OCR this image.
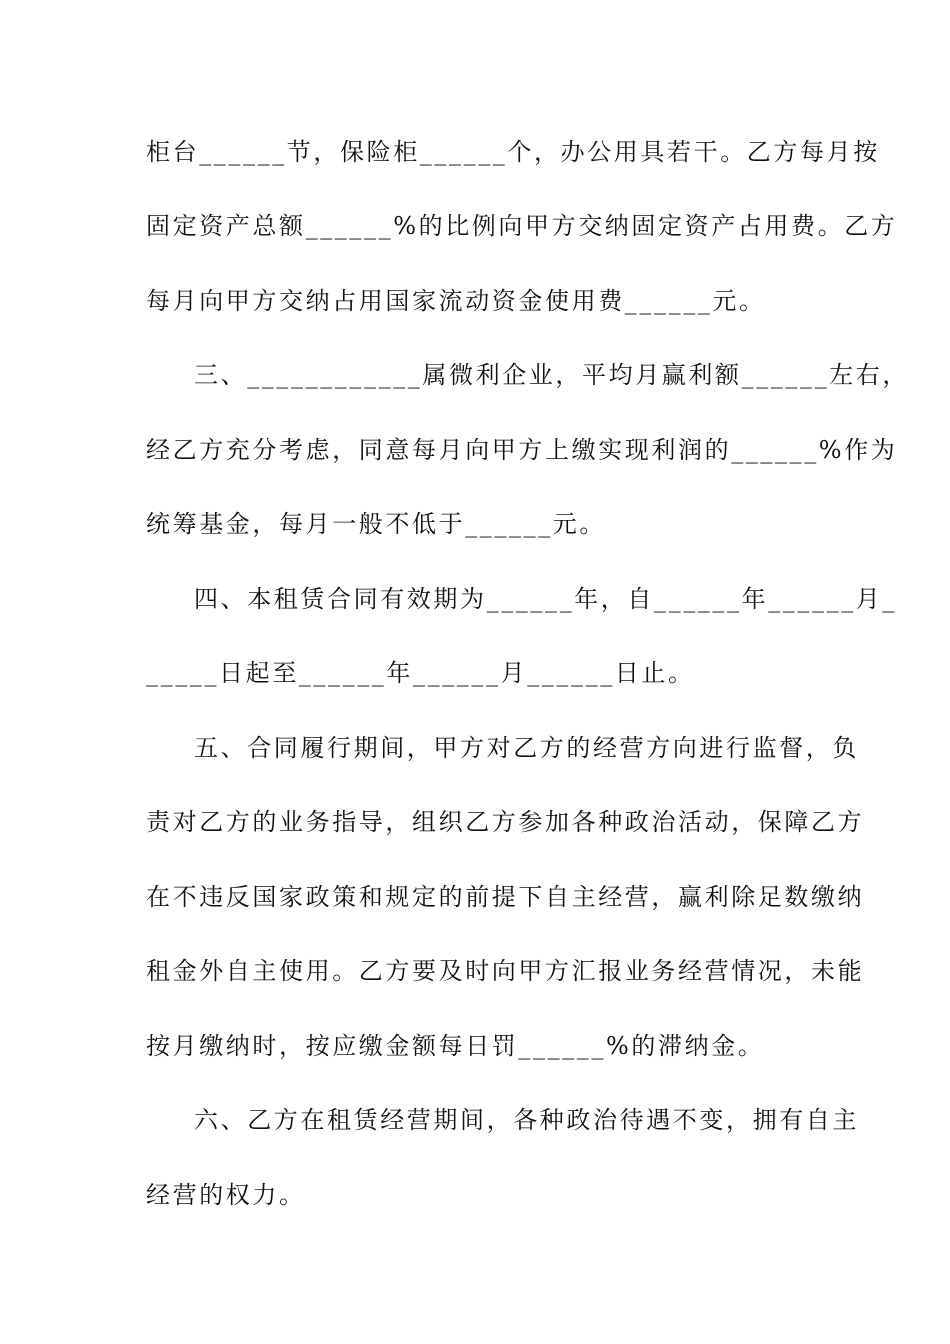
柜台______节，保险柜______个，办公用具若干。乙方每月按
固定资产总额______%的比例向甲方交纳固定资产占用费。乙方
每月向甲方交纳占用国家流动资金使用费______元。
三、____________属微利企业，平均月赢利额______左右，
经乙方充分考虑，同意每月向甲方上缴实现利润的______%作为
统筹基金，每月一般不低于______元。
四、本租赁合同有效期为______年，自______年______月_
_____日起至______年______月______日止。
五、合同履行期间，甲方对乙方的经营方向进行监督，负
责对乙方的业务指导，组织乙方参加各种政治活动，保障乙方
在不违反国家政策和规定的前提下自主经营，赢利除足数缴纳
租金外自主使用。乙方要及时向甲方汇报业务经营情况，未能
按月缴纳时，按应缴金额每日罚______%的滞纳金。
六、乙方在租赁经营期间，各种政治待遇不变，拥有自主
经营的权力。
